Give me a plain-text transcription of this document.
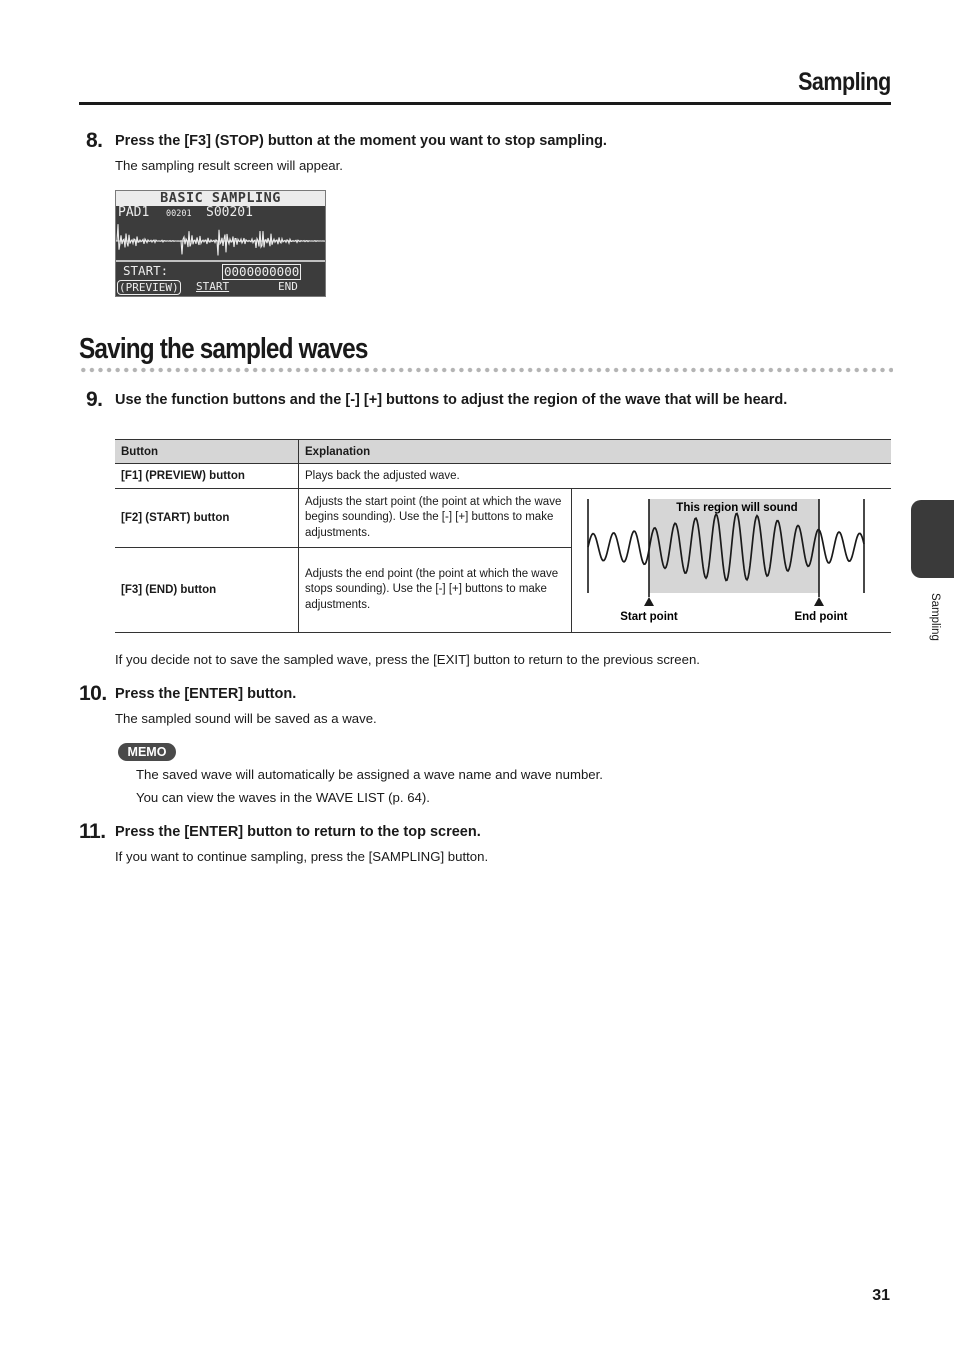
Sampling
8. Press the [F3] (STOP) button at the moment you want to stop sampling.
The sampling result screen will appear.
BASIC SAMPLING
PAD1 00201 S00201
START:	0000000000
(PREVIEW) START	END
Saving the sampled waves
9. Use the function buttons and the [-] [+] buttons to adjust the region of the wave that will be heard.
Button	Explanation	
[F1] (PREVIEW) button	Plays back the adjusted wave.	
[F2] (START) button	Adjusts the start point (the point at which the wave begins sounding). Use the [-] [+] buttons to make adjustments.	This region will sound
Start point End point

[F3] (END) button	Adjusts the end point (the point at which the wave stops sounding). Use the [-] [+] buttons to make adjustments.	
If you decide not to save the sampled wave, press the [EXIT] button to return to the previous screen.
10. Press the [ENTER] button.
The sampled sound will be saved as a wave.
MEMO
The saved wave will automatically be assigned a wave name and wave number.
You can view the waves in the WAVE LIST (p. 64).
11. Press the [ENTER] button to return to the top screen.
If you want to continue sampling, press the [SAMPLING] button.
Sampling
31
